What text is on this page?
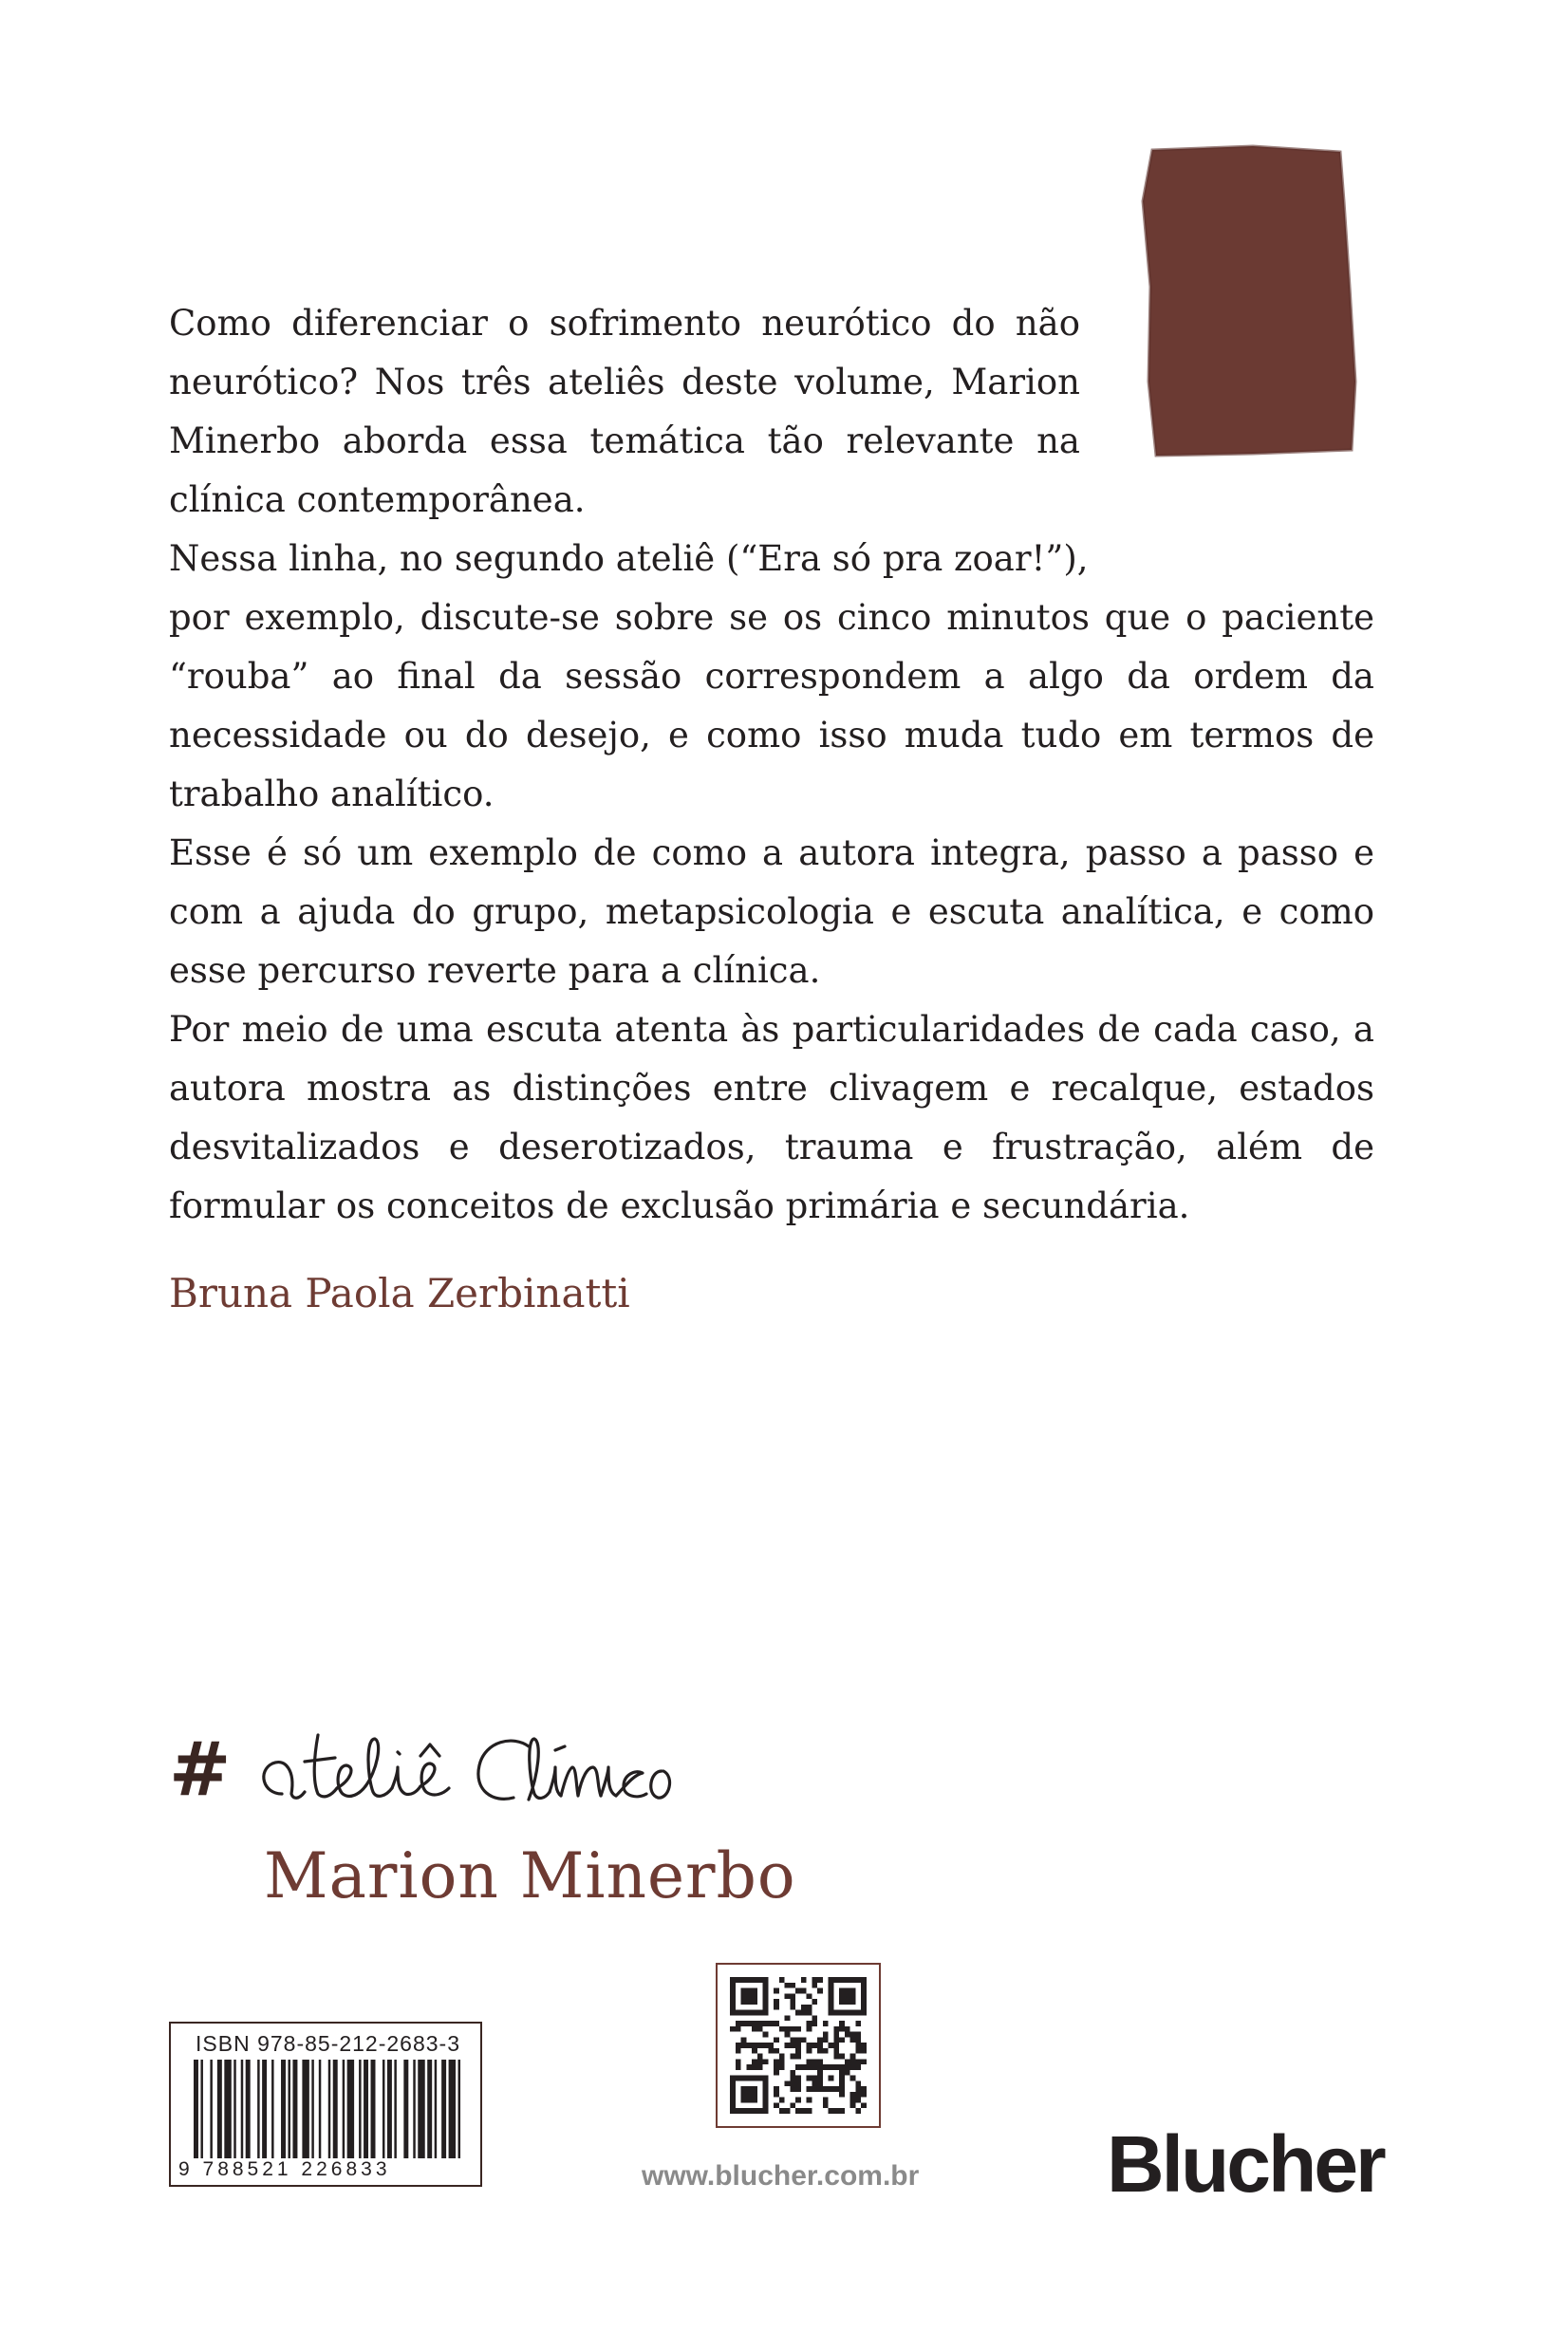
Como diferenciar o sofrimento neurótico do não neurótico? Nos três ateliês deste volume, Marion Minerbo aborda essa temática tão relevante na clínica contemporânea.

Nessa linha, no segundo ateliê (“Era só pra zoar!”),

por exemplo, discute-se sobre se os cinco minutos que o paciente “rouba” ao final da sessão correspondem a algo da ordem da necessidade ou do desejo, e como isso muda tudo em termos de trabalho analítico.

Esse é só um exemplo de como a autora integra, passo a passo e com a ajuda do grupo, metapsicologia e escuta analítica, e como esse percurso reverte para a clínica.

Por meio de uma escuta atenta às particularidades de cada caso, a autora mostra as distinções entre clivagem e recalque, estados desvitalizados e deserotizados, trauma e frustração, além de formular os conceitos de exclusão primária e secundária.

Bruna Paola Zerbinatti
#
Marion Minerbo
ISBN 978-85-212-2683-3
9 788521 226833	www.blucher.com.br Blucher
